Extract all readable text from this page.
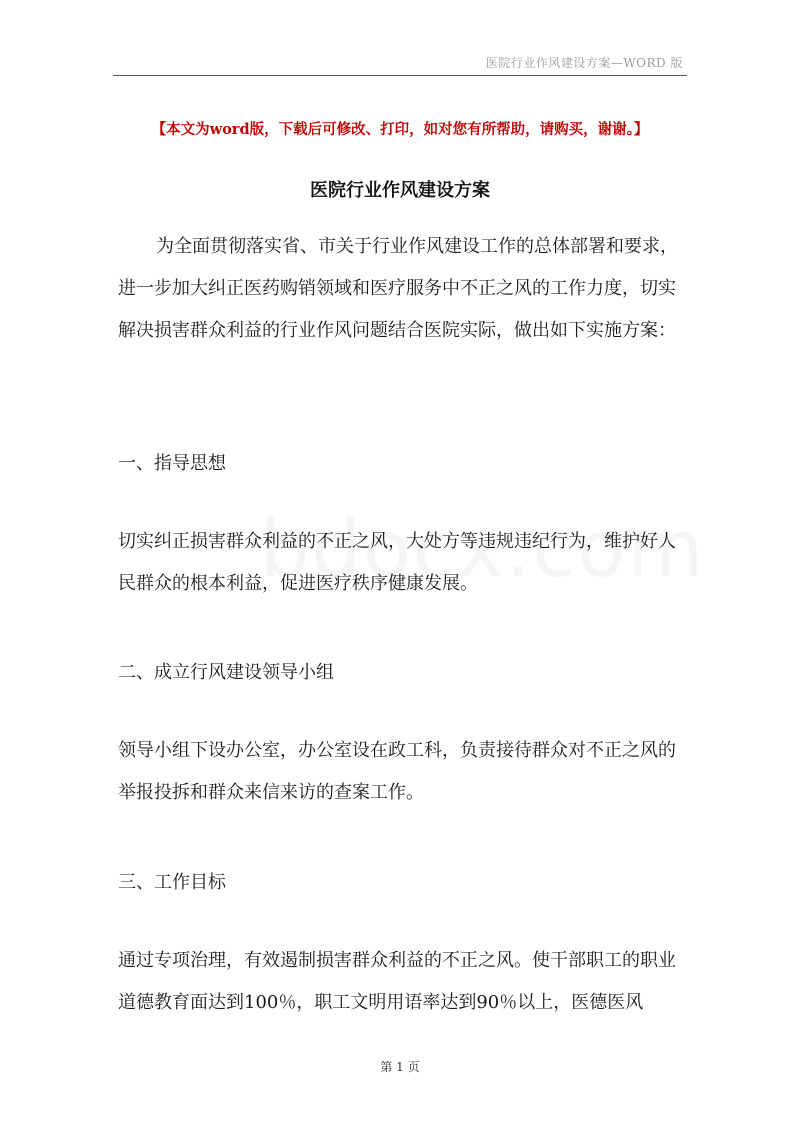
医院行业作风建设方案—WORD 版
【本文为word版，下载后可修改、打印，如对您有所帮助，请购买，谢谢。】
医院行业作风建设方案

为全面贯彻落实省、市关于行业作风建设工作的总体部署和要求，进一步加大纠正医药购销领域和医疗服务中不正之风的工作力度，切实解决损害群众利益的行业作风问题结合医院实际，做出如下实施方案：

一、指导思想

切实纠正损害群众利益的不正之风，大处方等违规违纪行为，维护好人民群众的根本利益，促进医疗秩序健康发展。

二、成立行风建设领导小组

领导小组下设办公室，办公室设在政工科，负责接待群众对不正之风的举报投拆和群众来信来访的查案工作。

三、工作目标

通过专项治理，有效遏制损害群众利益的不正之风。使干部职工的职业道德教育面达到100％，职工文明用语率达到90％以上，医德医风

第 1 页
